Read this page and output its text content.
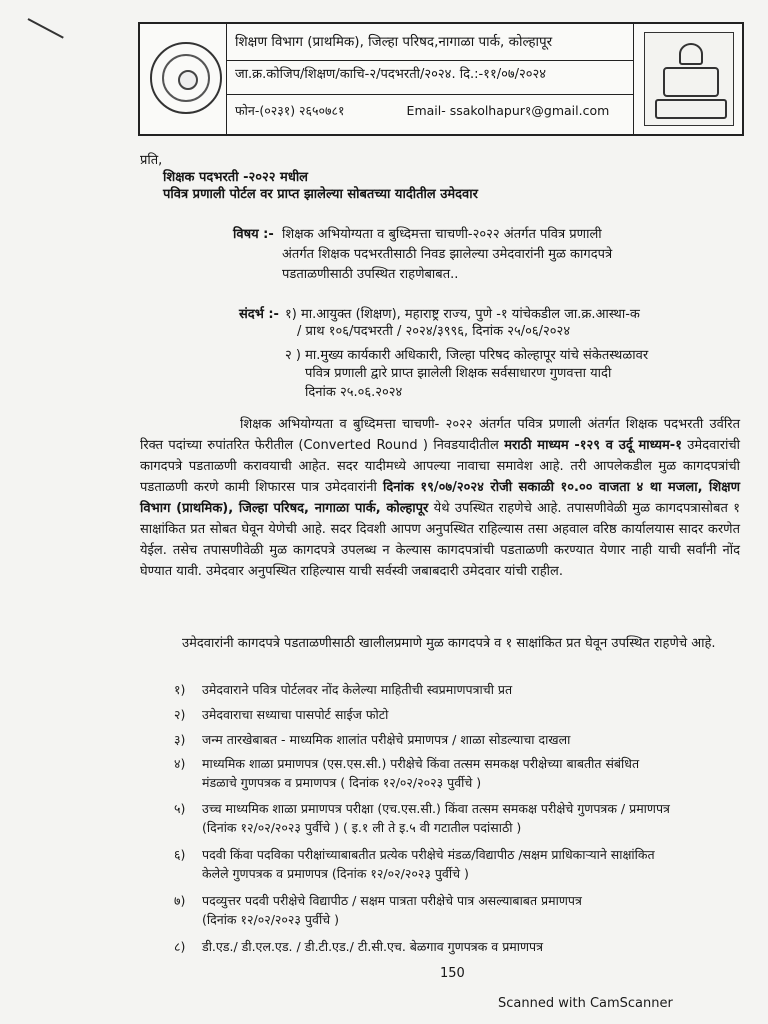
शिक्षण विभाग (प्राथमिक), जिल्हा परिषद,नागाळा पार्क, कोल्हापूर
जा.क्र.कोजिप/शिक्षण/काचि-२/पदभरती/२०२४. दि.:-११/०७/२०२४
फोन-(०२३१) २६५०७८१	Email- ssakolhapur१@gmail.com
प्रति,
शिक्षक पदभरती -२०२२ मधील
पवित्र प्रणाली पोर्टल वर प्राप्त झालेल्या सोबतच्या यादीतील उमेदवार
विषय :- शिक्षक अभियोग्यता व बुध्दिमत्ता चाचणी-२०२२ अंतर्गत पवित्र प्रणाली
अंतर्गत शिक्षक पदभरतीसाठी निवड झालेल्या उमेदवारांनी मुळ कागदपत्रे
पडताळणीसाठी उपस्थित राहणेबाबत..
संदर्भ :- १) मा.आयुक्त (शिक्षण), महाराष्ट्र राज्य, पुणे -१ यांचेकडील जा.क्र.आस्था-क
/ प्राथ १०६/पदभरती / २०२४/३९९६, दिनांक २५/०६/२०२४
२ ) मा.मुख्य कार्यकारी अधिकारी, जिल्हा परिषद कोल्हापूर यांचे संकेतस्थळावर
पवित्र प्रणाली द्वारे प्राप्त झालेली शिक्षक सर्वसाधारण गुणवत्ता यादी
दिनांक २५.०६.२०२४
शिक्षक अभियोग्यता व बुध्दिमत्ता चाचणी- २०२२ अंतर्गत पवित्र प्रणाली अंतर्गत शिक्षक पदभरती उर्वरित रिक्त पदांच्या रुपांतरित फेरीतील (Converted Round ) निवडयादीतील मराठी माध्यम -१२९ व उर्दू माध्यम-१ उमेदवारांची कागदपत्रे पडताळणी करावयाची आहेत. सदर यादीमध्ये आपल्या नावाचा समावेश आहे. तरी आपलेकडील मुळ कागदपत्रांची पडताळणी करणे कामी शिफारस पात्र उमेदवारांनी दिनांक १९/०७/२०२४ रोजी सकाळी १०.०० वाजता ४ था मजला, शिक्षण विभाग (प्राथमिक), जिल्हा परिषद, नागाळा पार्क, कोल्हापूर येथे उपस्थित राहणेचे आहे. तपासणीवेळी मुळ कागदपत्रासोबत १ साक्षांकित प्रत सोबत घेवून येणेची आहे. सदर दिवशी आपण अनुपस्थित राहिल्यास तसा अहवाल वरिष्ठ कार्यालयास सादर करणेत येईल. तसेच तपासणीवेळी मुळ कागदपत्रे उपलब्ध न केल्यास कागदपत्रांची पडताळणी करण्यात येणार नाही याची सर्वांनी नोंद घेण्यात यावी. उमेदवार अनुपस्थित राहिल्यास याची सर्वस्वी जबाबदारी उमेदवार यांची राहील.
उमेदवारांनी कागदपत्रे पडताळणीसाठी खालीलप्रमाणे मुळ कागदपत्रे व १ साक्षांकित प्रत घेवून उपस्थित राहणेचे आहे.
१) उमेदवाराने पवित्र पोर्टलवर नोंद केलेल्या माहितीची स्वप्रमाणपत्राची प्रत
२) उमेदवाराचा सध्याचा पासपोर्ट साईज फोटो
३) जन्म तारखेबाबत - माध्यमिक शालांत परीक्षेचे प्रमाणपत्र / शाळा सोडल्याचा दाखला
४) माध्यमिक शाळा प्रमाणपत्र (एस.एस.सी.) परीक्षेचे किंवा तत्सम समकक्ष परीक्षेच्या बाबतीत संबंधित
मंडळाचे गुणपत्रक व प्रमाणपत्र ( दिनांक १२/०२/२०२३ पुर्वीचे )
५) उच्च माध्यमिक शाळा प्रमाणपत्र परीक्षा (एच.एस.सी.) किंवा तत्सम समकक्ष परीक्षेचे गुणपत्रक / प्रमाणपत्र
(दिनांक १२/०२/२०२३ पुर्वीचे ) ( इ.१ ली ते इ.५ वी गटातील पदांसाठी )
६) पदवी किंवा पदविका परीक्षांच्याबाबतीत प्रत्येक परीक्षेचे मंडळ/विद्यापीठ /सक्षम प्राधिकाऱ्याने साक्षांकित
केलेले गुणपत्रक व प्रमाणपत्र (दिनांक १२/०२/२०२३ पुर्वीचे )
७) पदव्युत्तर पदवी परीक्षेचे विद्यापीठ / सक्षम पात्रता परीक्षेचे पात्र असल्याबाबत प्रमाणपत्र
(दिनांक १२/०२/२०२३ पुर्वीचे )
८) डी.एड./ डी.एल.एड. / डी.टी.एड./ टी.सी.एच. बेळगाव गुणपत्रक व प्रमाणपत्र
150
Scanned with CamScanner
